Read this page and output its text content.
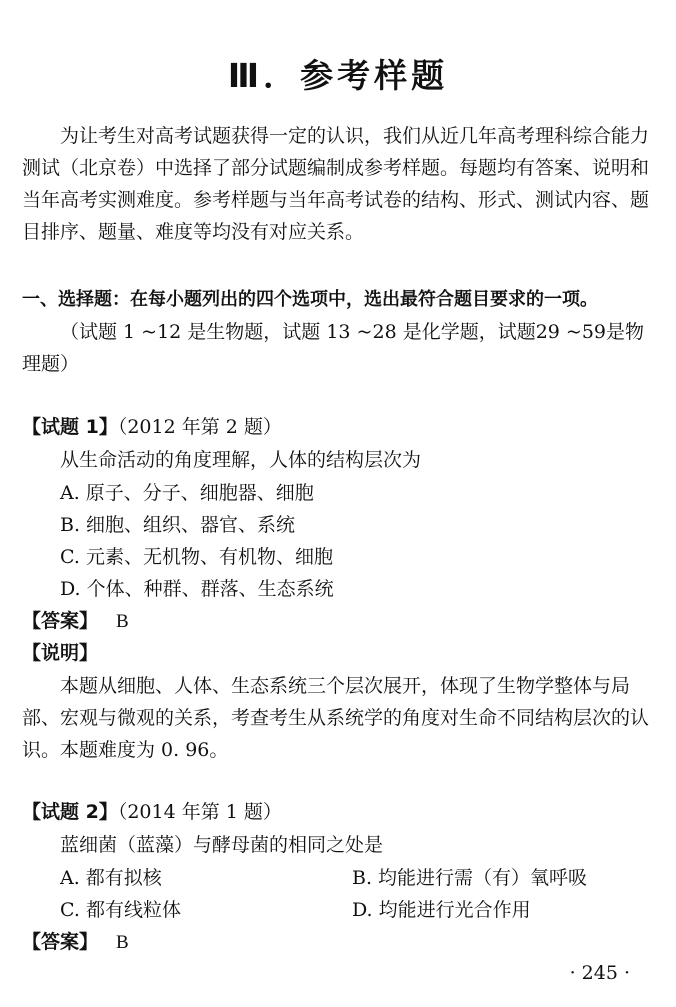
Ⅲ．参考样题

为让考生对高考试题获得一定的认识，我们从近几年高考理科综合能力测试（北京卷）中选择了部分试题编制成参考样题。每题均有答案、说明和当年高考实测难度。参考样题与当年高考试卷的结构、形式、测试内容、题目排序、题量、难度等均没有对应关系。

一、选择题：在每小题列出的四个选项中，选出最符合题目要求的一项。

（试题 1 ~12 是生物题，试题 13 ~28 是化学题，试题29 ~59是物理题）

【试题 1】（2012 年第 2 题）
从生命活动的角度理解，人体的结构层次为
A. 原子、分子、细胞器、细胞
B. 细胞、组织、器官、系统
C. 元素、无机物、有机物、细胞
D. 个体、种群、群落、生态系统
【答案】 B
【说明】

本题从细胞、人体、生态系统三个层次展开，体现了生物学整体与局部、宏观与微观的关系，考查考生从系统学的角度对生命不同结构层次的认识。本题难度为 0. 96。

【试题 2】（2014 年第 1 题）
蓝细菌（蓝藻）与酵母菌的相同之处是
A. 都有拟核	B. 均能进行需（有）氧呼吸
C. 都有线粒体	D. 均能进行光合作用
【答案】 B
· 245 ·
